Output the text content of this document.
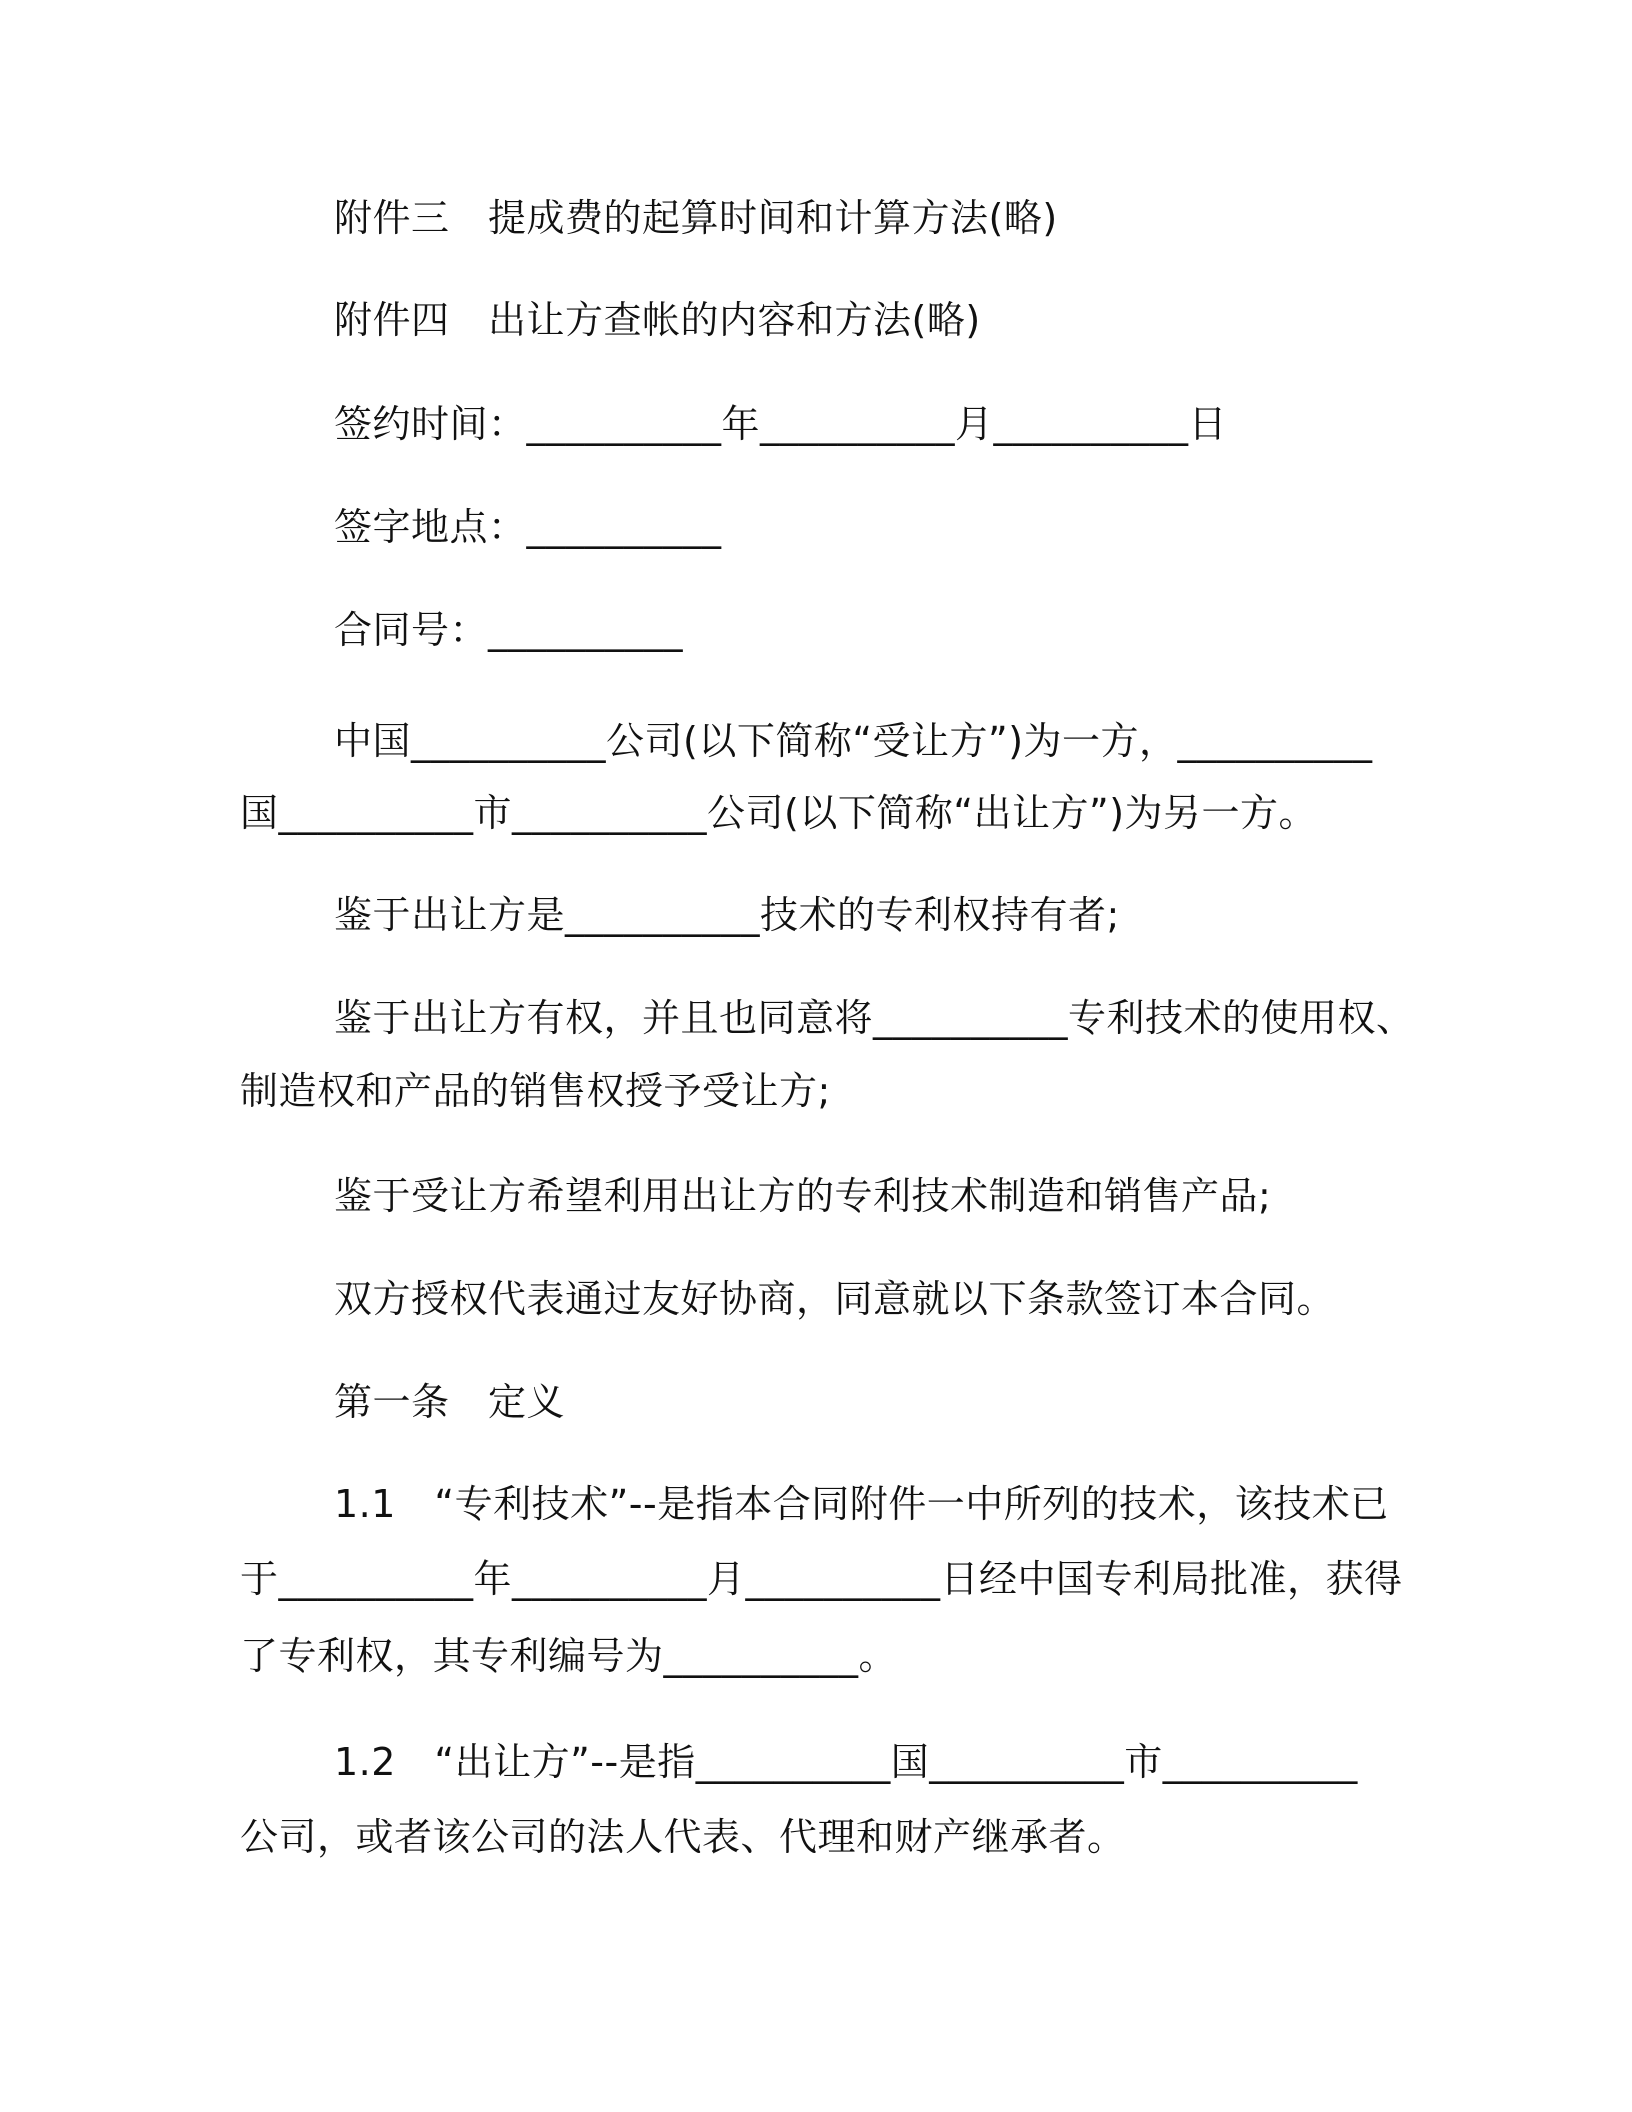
附件三　提成费的起算时间和计算方法(略)
附件四　出让方查帐的内容和方法(略)
签约时间：__________年__________月__________日
签字地点：__________
合同号：__________
中国__________公司(以下简称“受让方”)为一方，__________
国__________市__________公司(以下简称“出让方”)为另一方。
鉴于出让方是__________技术的专利权持有者;
鉴于出让方有权，并且也同意将__________专利技术的使用权、
制造权和产品的销售权授予受让方;
鉴于受让方希望利用出让方的专利技术制造和销售产品;
双方授权代表通过友好协商，同意就以下条款签订本合同。
第一条　定义
1.1　“专利技术”--是指本合同附件一中所列的技术，该技术已
于__________年__________月__________日经中国专利局批准，获得
了专利权，其专利编号为__________。
1.2　“出让方”--是指__________国__________市__________
公司，或者该公司的法人代表、代理和财产继承者。
